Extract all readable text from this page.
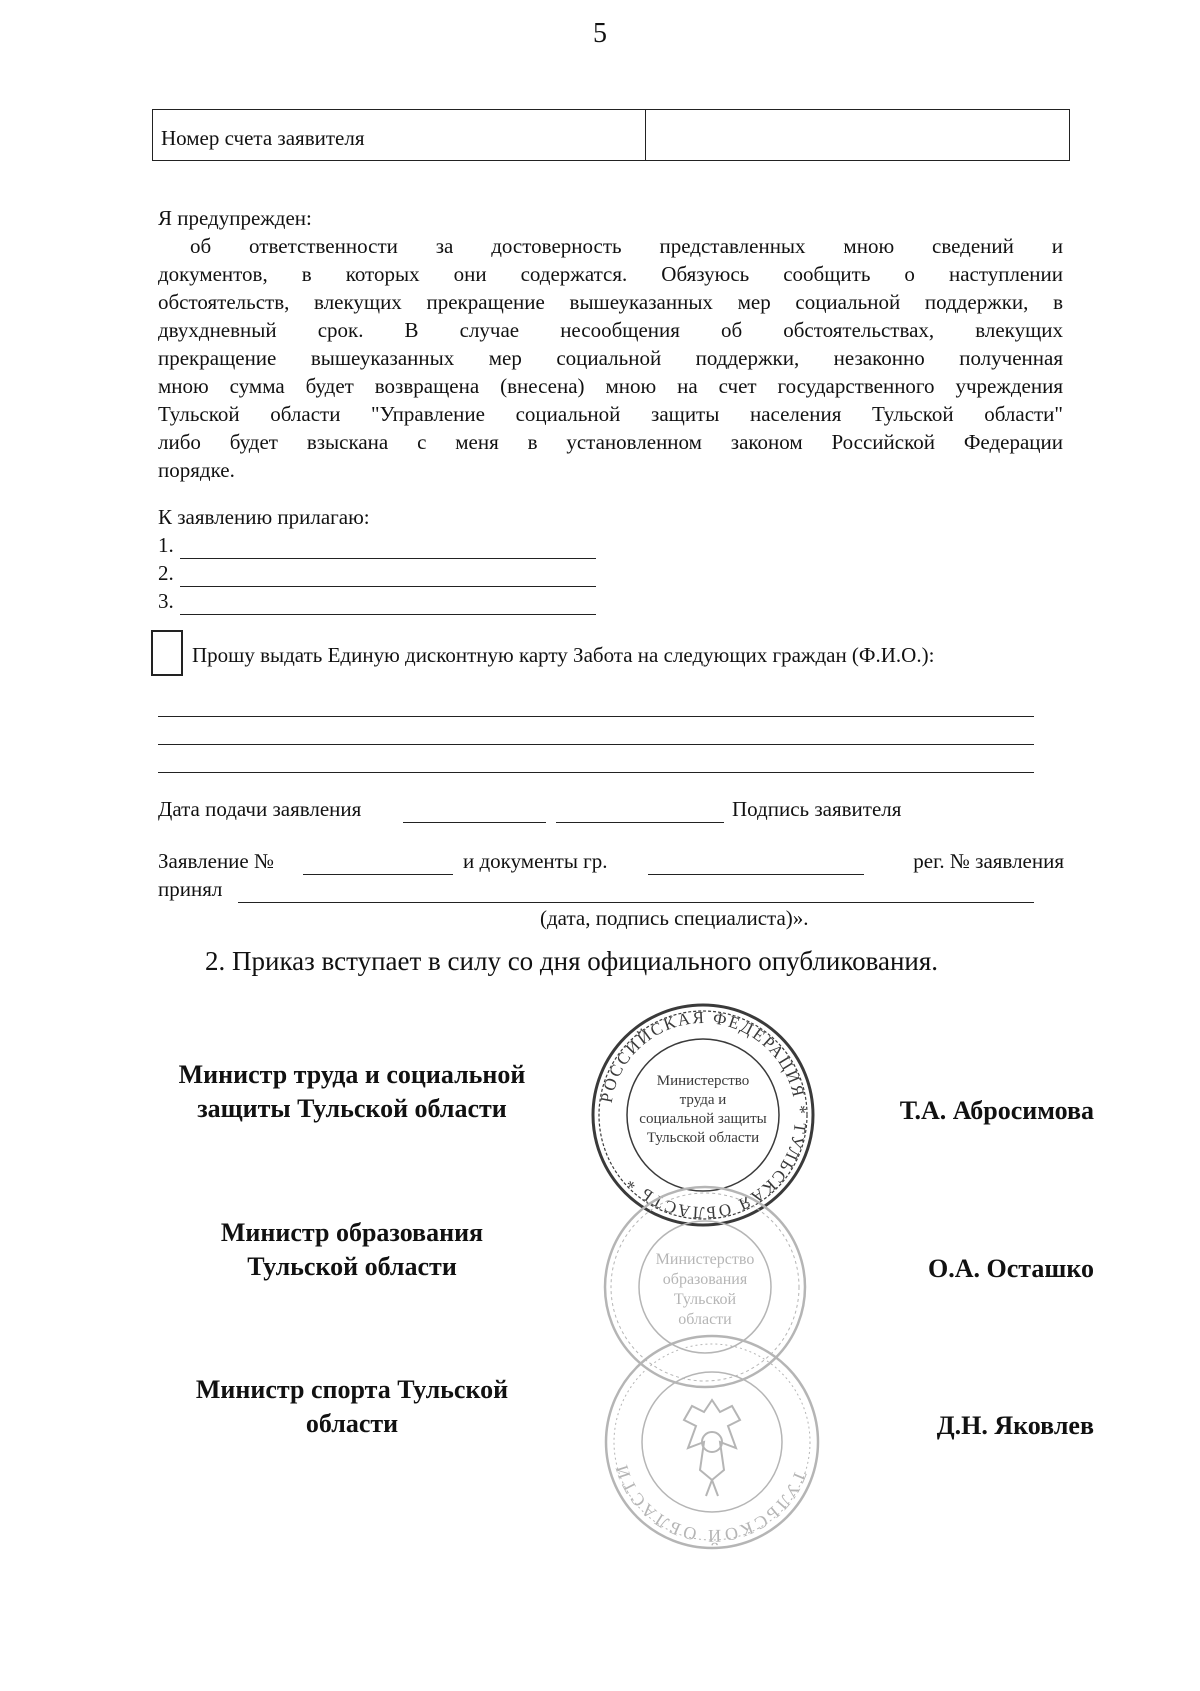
5
Номер счета заявителя	
Я предупрежден:
об ответственности за достоверность представленных мною сведений и
документов, в которых они содержатся. Обязуюсь сообщить о наступлении
обстоятельств, влекущих прекращение вышеуказанных мер социальной поддержки, в
двухдневный срок. В случае несообщения об обстоятельствах, влекущих
прекращение вышеуказанных мер социальной поддержки, незаконно полученная
мною сумма будет возвращена (внесена) мною на счет государственного учреждения
Тульской области "Управление социальной защиты населения Тульской области"
либо будет взыскана с меня в установленном законом Российской Федерации
порядке.
К заявлению прилагаю:
1.
2.
3.
Прошу выдать Единую дисконтную карту Забота на следующих граждан (Ф.И.О.):
Дата подачи заявления	Подпись заявителя
Заявление №	и документы гр.	рег. № заявления
принял
(дата, подпись специалиста)».
2. Приказ вступает в силу со дня официального опубликования.
РОССИЙСКАЯ ФЕДЕРАЦИЯ * ТУЛЬСКАЯ ОБЛАСТЬ *
Министерство
труда и
социальной защиты
Тульской области
Министерство
образования
Тульской
области
ТУЛЬСКОЙ ОБЛАСТИ
Министр труда и социальной
защиты Тульской области	Т.А. Абросимова
Министр образования
Тульской области	О.А. Осташко
Министр спорта Тульской
области	Д.Н. Яковлев
